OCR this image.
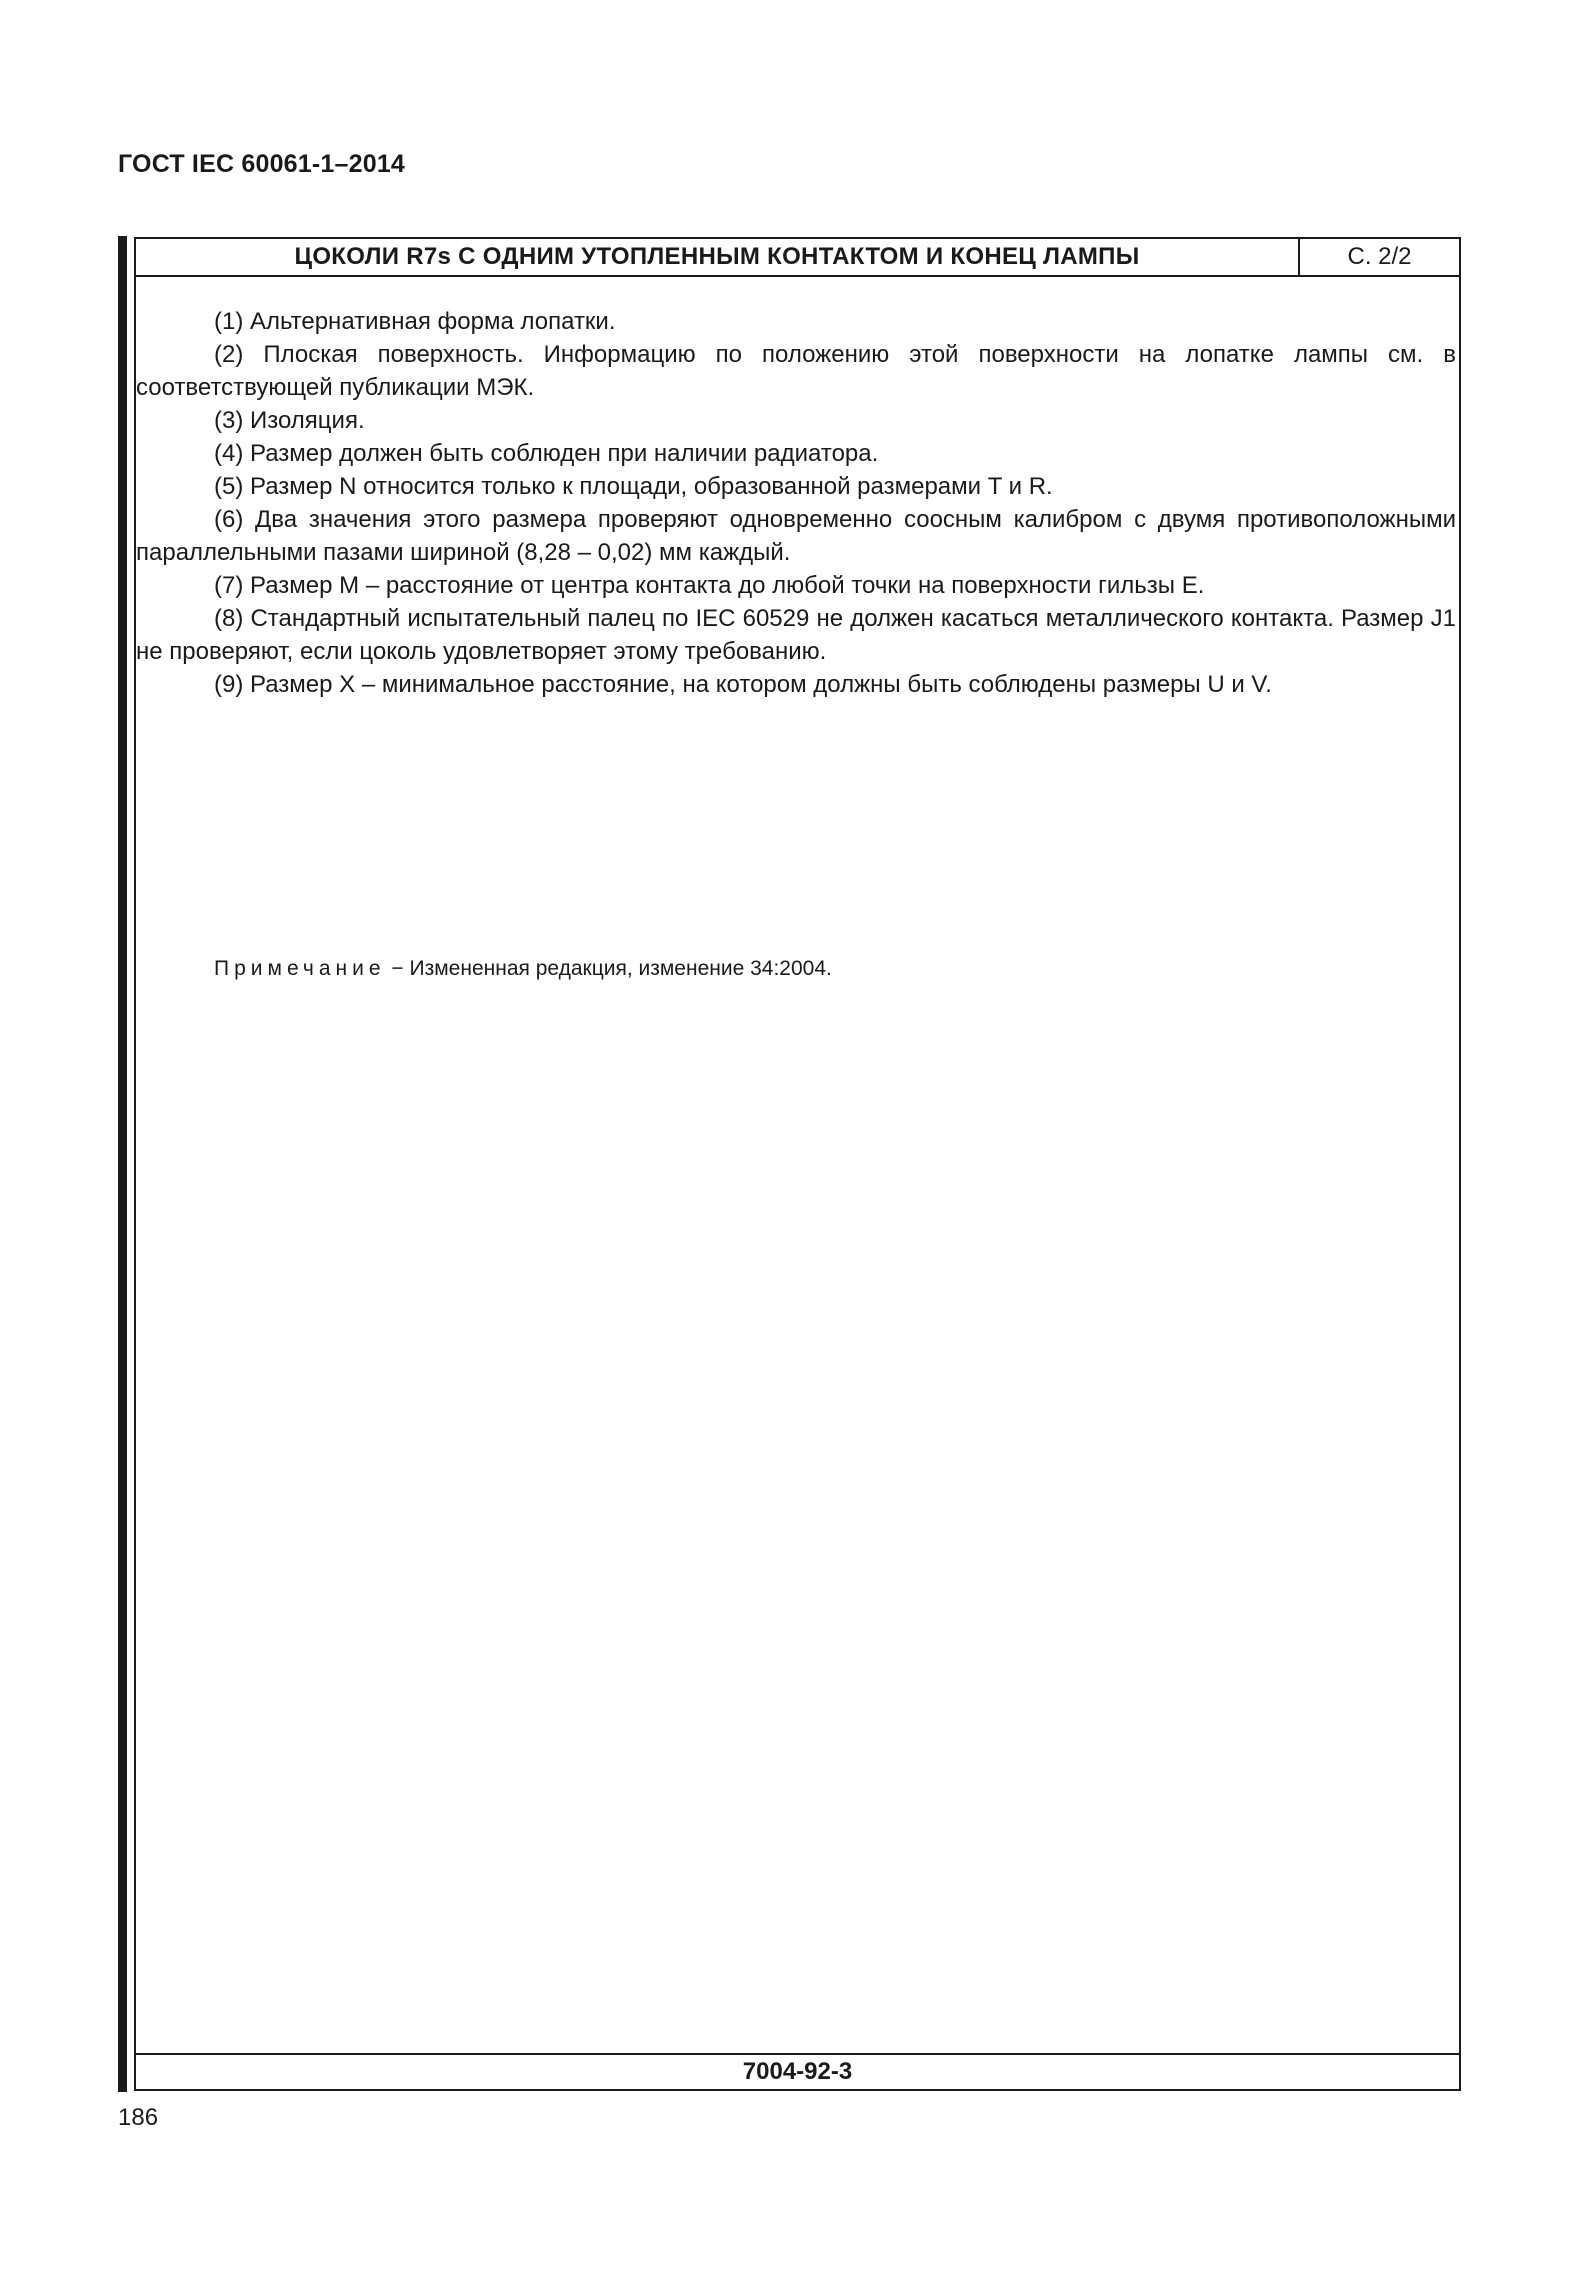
ГОСТ IEC 60061-1–2014
ЦОКОЛИ R7s С ОДНИМ УТОПЛЕННЫМ КОНТАКТОМ И КОНЕЦ ЛАМПЫ	С. 2/2

(1) Альтернативная форма лопатки.

(2) Плоская поверхность. Информацию по положению этой поверхности на лопатке лампы см. в соответствующей публикации МЭК.

(3) Изоляция.

(4) Размер должен быть соблюден при наличии радиатора.

(5) Размер N относится только к площади, образованной размерами T и R.

(6) Два значения этого размера проверяют одновременно соосным калибром с двумя противоположными параллельными пазами шириной (8,28 – 0,02) мм каждый.

(7) Размер M – расстояние от центра контакта до любой точки на поверхности гильзы E.

(8) Стандартный испытательный палец по IEC 60529 не должен касаться металлического контакта. Размер J1 не проверяют, если цоколь удовлетворяет этому требованию.

(9) Размер X – минимальное расстояние, на котором должны быть соблюдены размеры U и V.

Примечание − Измененная редакция, изменение 34:2004.
7004-92-3
186
